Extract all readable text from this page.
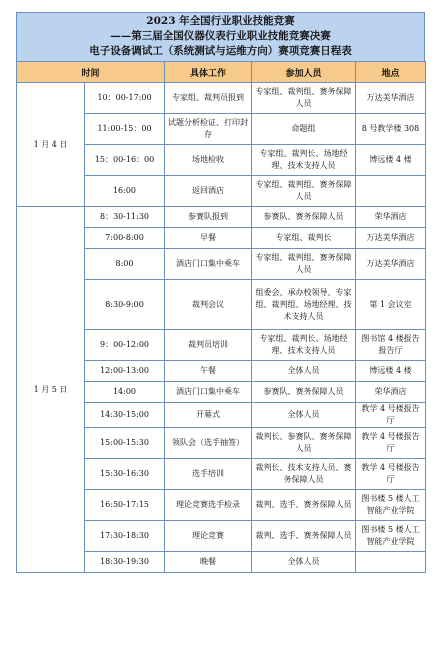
2023 年全国行业职业技能竞赛
——第三届全国仪器仪表行业职业技能竞赛决赛
电子设备调试工（系统测试与运维方向）赛项竞赛日程表
时间		具体工作	参加人员	地点
1 月 4 日	10：00-17:00	专家组、裁判员报到	专家组、裁判组、赛务保障人员	万达美华酒店
	11:00-15：00	试题分析检证、打印封存	命题组	8 号教学楼 308
	15：00-16：00	场地检收	专家组、裁判长、场地经理、技术支持人员	博远楼 4 楼
	16:00	返回酒店	专家组、裁判组、赛务保障人员	
1 月 5 日	8：30-11:30	参赛队报到	参赛队、赛务保障人员	荣华酒店
	7:00-8:00	早餐	专家组、裁判长	万达美华酒店
	8:00	酒店门口集中乘车	专家组、裁判组、赛务保障人员	万达美华酒店
	8:30-9:00	裁判会议	组委会、承办校领导、专家组、裁判组、场地经理、技术支持人员	第 1 会议室
	9：00-12:00	裁判员培训	专家组、裁判长、场地经理、技术支持人员	图书馆 4 楼报告报告厅
	12:00-13:00	午餐	全体人员	博远楼 4 楼
	14:00	酒店门口集中乘车	参赛队、赛务保障人员	荣华酒店
	14:30-15:00	开幕式	全体人员	教学 4 号楼报告厅
	15:00-15:30	领队会（选手抽签）	裁判长、参赛队、赛务保障人员	教学 4 号楼报告厅
	15:30-16:30	选手培训	裁判长、技术支持人员、赛务保障人员	教学 4 号楼报告厅
	16:50-17:15	理论竞赛选手检录	裁判、选手、赛务保障人员	图书楼 5 楼人工智能产业学院
	17:30-18:30	理论竞赛	裁判、选手、赛务保障人员	图书楼 5 楼人工智能产业学院
	18:30-19:30	晚餐	全体人员	
